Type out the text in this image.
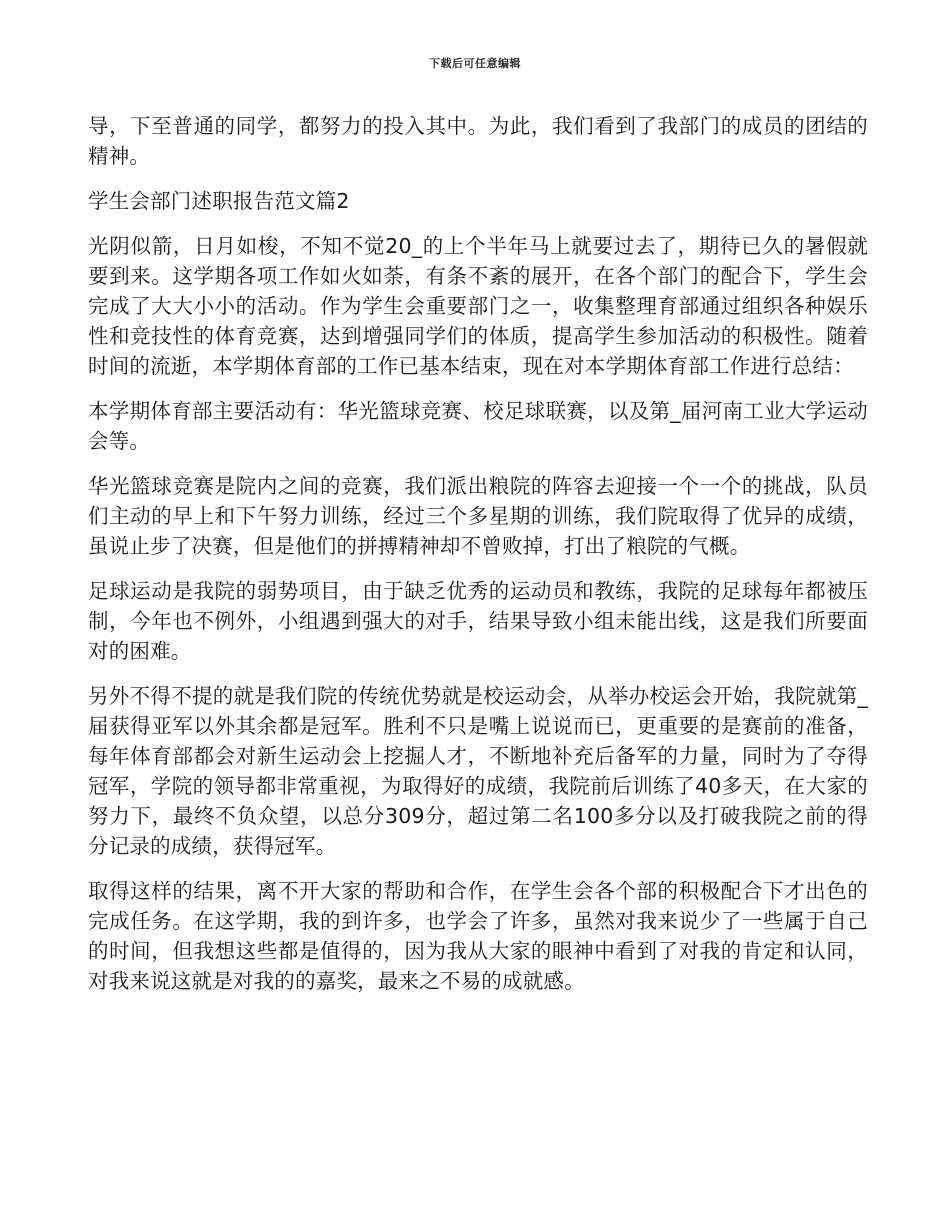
下载后可任意编辑

导，下至普通的同学，都努力的投入其中。为此，我们看到了我部门的成员的团结的精神。

学生会部门述职报告范文篇2

光阴似箭，日月如梭，不知不觉20_的上个半年马上就要过去了，期待已久的暑假就要到来。这学期各项工作如火如荼，有条不紊的展开，在各个部门的配合下，学生会完成了大大小小的活动。作为学生会重要部门之一，收集整理育部通过组织各种娱乐性和竞技性的体育竞赛，达到增强同学们的体质，提高学生参加活动的积极性。随着时间的流逝，本学期体育部的工作已基本结束，现在对本学期体育部工作进行总结：

本学期体育部主要活动有：华光篮球竞赛、校足球联赛，以及第_届河南工业大学运动会等。

华光篮球竞赛是院内之间的竞赛，我们派出粮院的阵容去迎接一个一个的挑战，队员们主动的早上和下午努力训练，经过三个多星期的训练，我们院取得了优异的成绩，虽说止步了决赛，但是他们的拼搏精神却不曾败掉，打出了粮院的气概。

足球运动是我院的弱势项目，由于缺乏优秀的运动员和教练，我院的足球每年都被压制，今年也不例外，小组遇到强大的对手，结果导致小组未能出线，这是我们所要面对的困难。

另外不得不提的就是我们院的传统优势就是校运动会，从举办校运会开始，我院就第_届获得亚军以外其余都是冠军。胜利不只是嘴上说说而已，更重要的是赛前的准备，每年体育部都会对新生运动会上挖掘人才，不断地补充后备军的力量，同时为了夺得冠军，学院的领导都非常重视，为取得好的成绩，我院前后训练了40多天，在大家的努力下，最终不负众望，以总分309分，超过第二名100多分以及打破我院之前的得分记录的成绩，获得冠军。

取得这样的结果，离不开大家的帮助和合作，在学生会各个部的积极配合下才出色的完成任务。在这学期，我的到许多，也学会了许多，虽然对我来说少了一些属于自己的时间，但我想这些都是值得的，因为我从大家的眼神中看到了对我的肯定和认同，对我来说这就是对我的的嘉奖，最来之不易的成就感。
